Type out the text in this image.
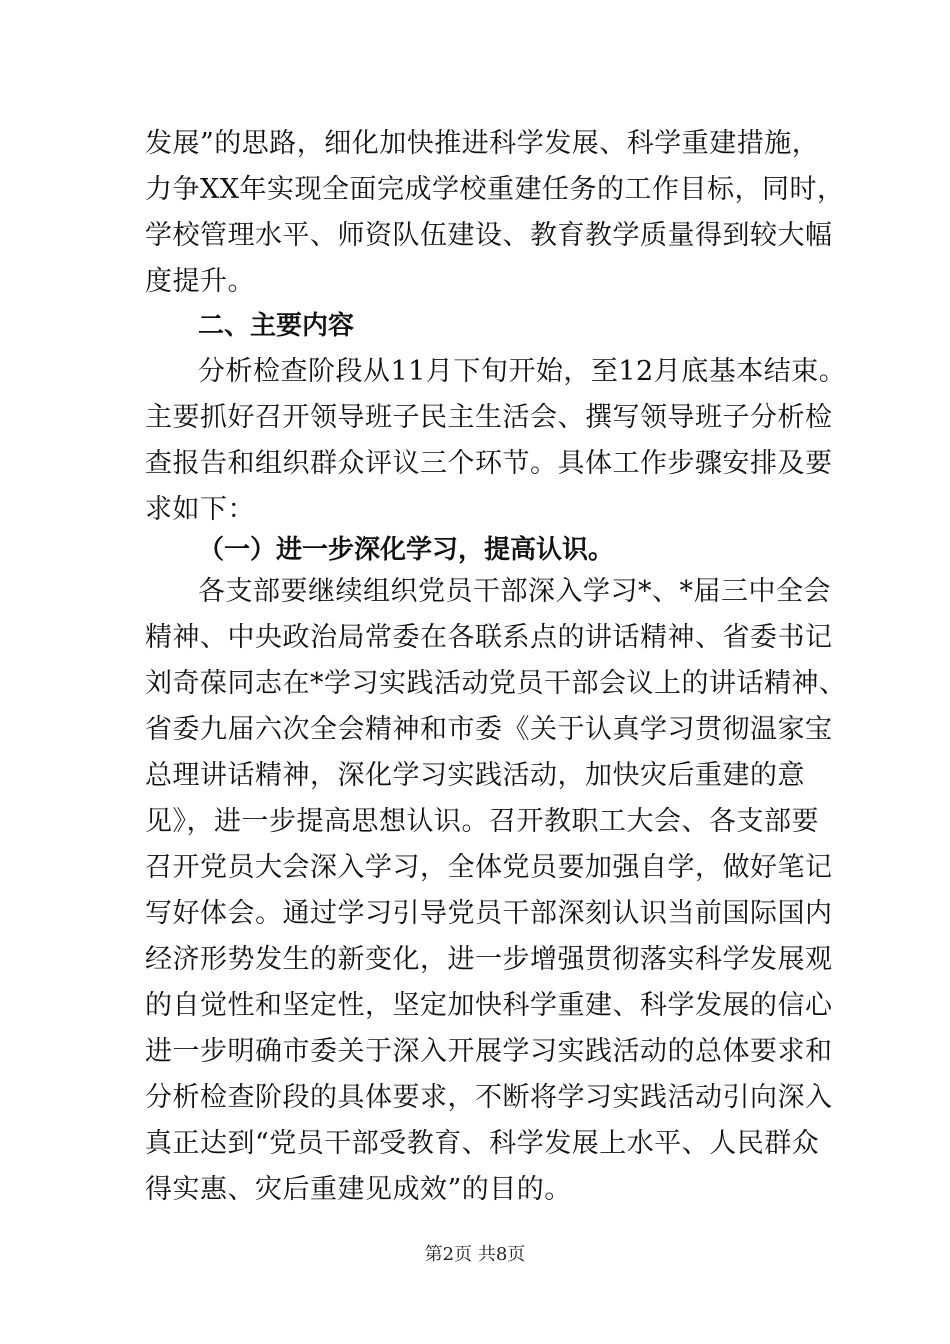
发展”的思路，细化加快推进科学发展、科学重建措施，
力争XX年实现全面完成学校重建任务的工作目标，同时，
学校管理水平、师资队伍建设、教育教学质量得到较大幅
度提升。
二、主要内容
分析检查阶段从11月下旬开始，至12月底基本结束。
主要抓好召开领导班子民主生活会、撰写领导班子分析检
查报告和组织群众评议三个环节。具体工作步骤安排及要
求如下：
（一）进一步深化学习，提高认识。
第2页 共8页
各支部要继续组织党员干部深入学习*、*届三中全会
精神、中央政治局常委在各联系点的讲话精神、省委书记
刘奇葆同志在*学习实践活动党员干部会议上的讲话精神、
省委九届六次全会精神和市委《关于认真学习贯彻温家宝
总理讲话精神，深化学习实践活动，加快灾后重建的意
见》，进一步提高思想认识。召开教职工大会、各支部要
召开党员大会深入学习，全体党员要加强自学，做好笔记
写好体会。通过学习引导党员干部深刻认识当前国际国内
经济形势发生的新变化，进一步增强贯彻落实科学发展观
的自觉性和坚定性，坚定加快科学重建、科学发展的信心
进一步明确市委关于深入开展学习实践活动的总体要求和
分析检查阶段的具体要求，不断将学习实践活动引向深入
真正达到“党员干部受教育、科学发展上水平、人民群众
得实惠、灾后重建见成效”的目的。
